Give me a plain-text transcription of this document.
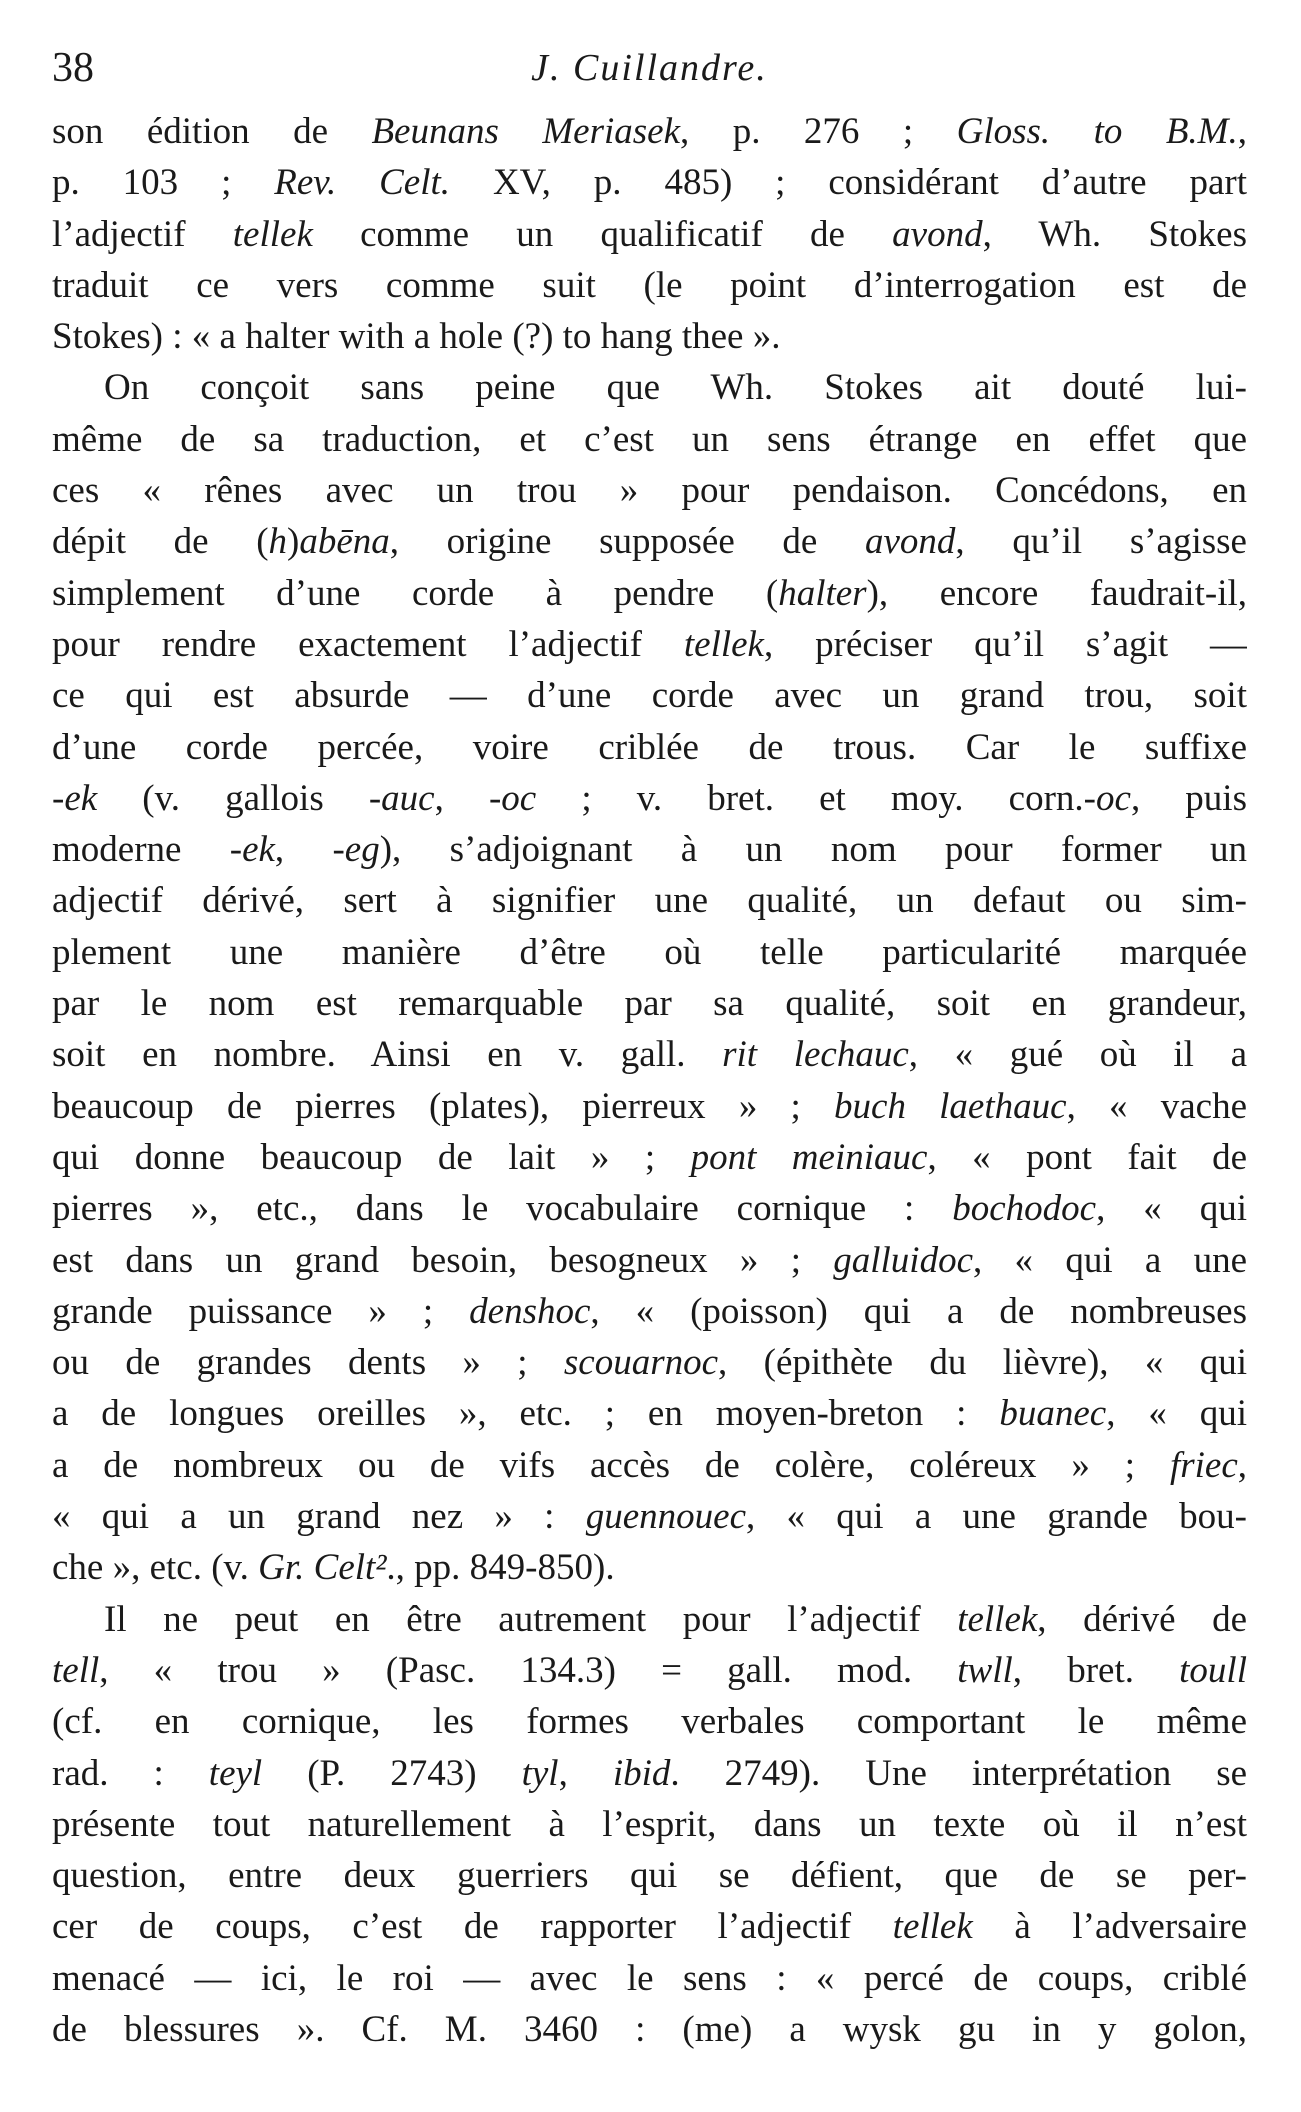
38	J. Cuillandre.
son édition de Beunans Meriasek, p. 276 ; Gloss. to B.M.,
p. 103 ; Rev. Celt. XV, p. 485) ; considérant d’autre part
l’adjectif tellek comme un qualificatif de avond, Wh. Stokes
traduit ce vers comme suit (le point d’interrogation est de
Stokes) : « a halter with a hole (?) to hang thee ».
On conçoit sans peine que Wh. Stokes ait douté lui-
même de sa traduction, et c’est un sens étrange en effet que
ces « rênes avec un trou » pour pendaison. Concédons, en
dépit de (h)abēna, origine supposée de avond, qu’il s’agisse
simplement d’une corde à pendre (halter), encore faudrait-il,
pour rendre exactement l’adjectif tellek, préciser qu’il s’agit —
ce qui est absurde — d’une corde avec un grand trou, soit
d’une corde percée, voire criblée de trous. Car le suffixe
-ek (v. gallois -auc, -oc ; v. bret. et moy. corn.-oc, puis
moderne -ek, -eg), s’adjoignant à un nom pour former un
adjectif dérivé, sert à signifier une qualité, un defaut ou sim-
plement une manière d’être où telle particularité marquée
par le nom est remarquable par sa qualité, soit en grandeur,
soit en nombre. Ainsi en v. gall. rit lechauc, « gué où il a
beaucoup de pierres (plates), pierreux » ; buch laethauc, « vache
qui donne beaucoup de lait » ; pont meiniauc, « pont fait de
pierres », etc., dans le vocabulaire cornique : bochodoc, « qui
est dans un grand besoin, besogneux » ; galluidoc, « qui a une
grande puissance » ; denshoc, « (poisson) qui a de nombreuses
ou de grandes dents » ; scouarnoc, (épithète du lièvre), « qui
a de longues oreilles », etc. ; en moyen-breton : buanec, « qui
a de nombreux ou de vifs accès de colère, coléreux » ; friec,
« qui a un grand nez » : guennouec, « qui a une grande bou-
che », etc. (v. Gr. Celt²., pp. 849-850).
Il ne peut en être autrement pour l’adjectif tellek, dérivé de
tell, « trou » (Pasc. 134.3) = gall. mod. twll, bret. toull
(cf. en cornique, les formes verbales comportant le même
rad. : teyl (P. 2743) tyl, ibid. 2749). Une interprétation se
présente tout naturellement à l’esprit, dans un texte où il n’est
question, entre deux guerriers qui se défient, que de se per-
cer de coups, c’est de rapporter l’adjectif tellek à l’adversaire
menacé — ici, le roi — avec le sens : « percé de coups, criblé
de blessures ». Cf. M. 3460 : (me) a wysk gu in y golon,
